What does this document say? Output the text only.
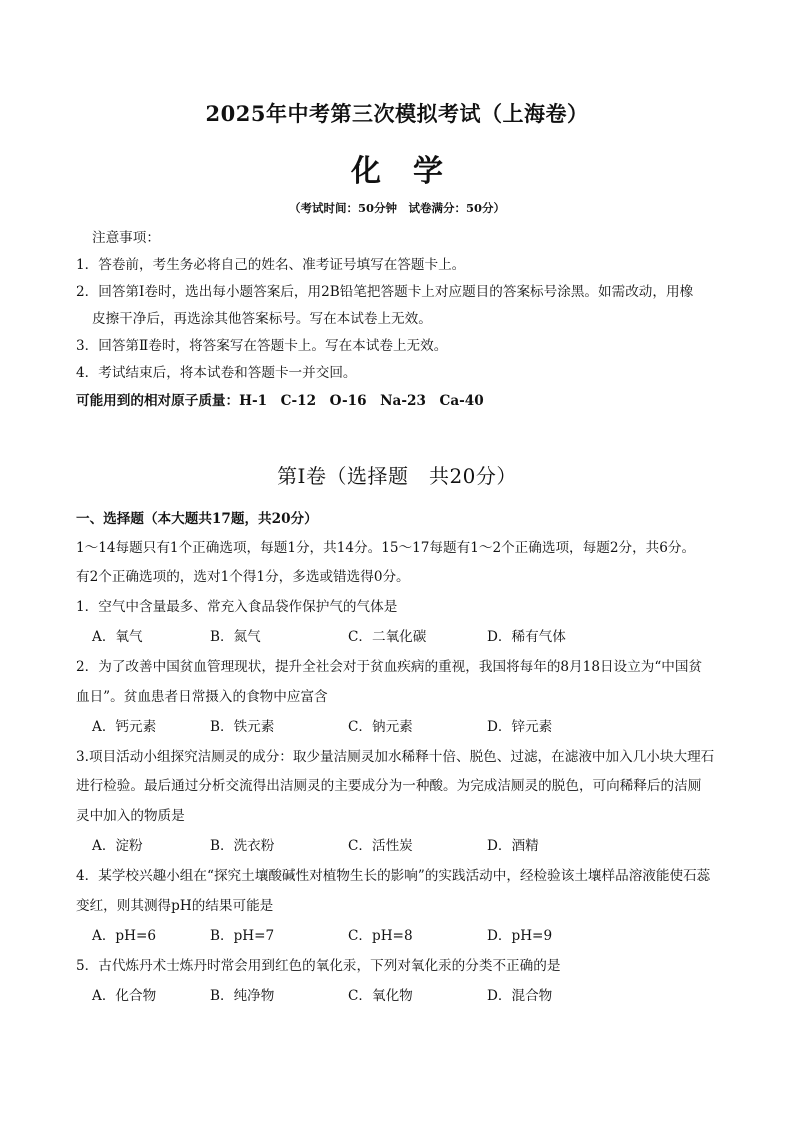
2025年中考第三次模拟考试（上海卷）
化学
（考试时间：50分钟　试卷满分：50分）
注意事项：
1．答卷前，考生务必将自己的姓名、准考证号填写在答题卡上。
2．回答第Ⅰ卷时，选出每小题答案后，用2B铅笔把答题卡上对应题目的答案标号涂黑。如需改动，用橡
皮擦干净后，再选涂其他答案标号。写在本试卷上无效。
3．回答第Ⅱ卷时，将答案写在答题卡上。写在本试卷上无效。
4．考试结束后，将本试卷和答题卡一并交回。
可能用到的相对原子质量：H-1　C-12　O-16　Na-23　Ca-40
第Ⅰ卷（选择题　共20分）
一、选择题（本大题共17题，共20分）
1～14每题只有1个正确选项，每题1分，共14分。15～17每题有1～2个正确选项，每题2分，共6分。
有2个正确选项的，选对1个得1分，多选或错选得0分。
1．空气中含量最多、常充入食品袋作保护气的气体是
A．氧气	B．氮气	C．二氧化碳	D．稀有气体
2．为了改善中国贫血管理现状，提升全社会对于贫血疾病的重视，我国将每年的8月18日设立为“中国贫
血日”。贫血患者日常摄入的食物中应富含
A．钙元素	B．铁元素	C．钠元素	D．锌元素
3.项目活动小组探究洁厕灵的成分：取少量洁厕灵加水稀释十倍、脱色、过滤，在滤液中加入几小块大理石
进行检验。最后通过分析交流得出洁厕灵的主要成分为一种酸。为完成洁厕灵的脱色，可向稀释后的洁厕
灵中加入的物质是
A．淀粉	B．洗衣粉	C．活性炭	D．酒精
4．某学校兴趣小组在“探究土壤酸碱性对植物生长的影响”的实践活动中，经检验该土壤样品溶液能使石蕊
变红，则其测得pH的结果可能是
A．pH=6	B．pH=7	C．pH=8	D．pH=9
5．古代炼丹术士炼丹时常会用到红色的氧化汞，下列对氧化汞的分类不正确的是
A．化合物	B．纯净物	C．氧化物	D．混合物
